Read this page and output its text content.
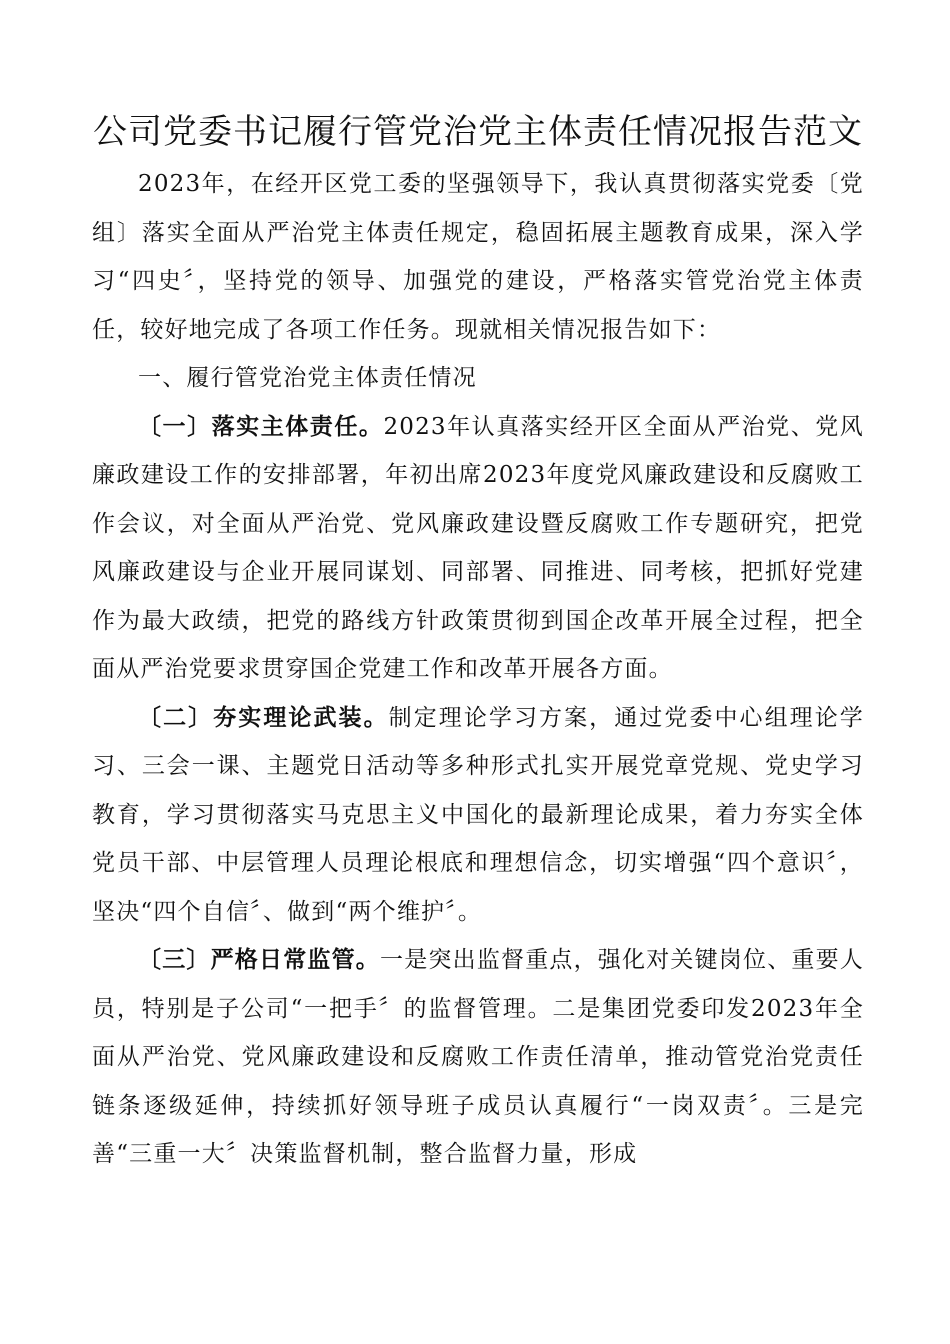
公司党委书记履行管党治党主体责任情况报告范文

2023年，在经开区党工委的坚强领导下，我认真贯彻落实党委〔党组〕落实全面从严治党主体责任规定，稳固拓展主题教育成果，深入学习“四史〞，坚持党的领导、加强党的建设，严格落实管党治党主体责任，较好地完成了各项工作任务。现就相关情况报告如下：

一、履行管党治党主体责任情况

〔一〕落实主体责任。2023年认真落实经开区全面从严治党、党风廉政建设工作的安排部署，年初出席2023年度党风廉政建设和反腐败工作会议，对全面从严治党、党风廉政建设暨反腐败工作专题研究，把党风廉政建设与企业开展同谋划、同部署、同推进、同考核，把抓好党建作为最大政绩，把党的路线方针政策贯彻到国企改革开展全过程，把全面从严治党要求贯穿国企党建工作和改革开展各方面。

〔二〕夯实理论武装。制定理论学习方案，通过党委中心组理论学习、三会一课、主题党日活动等多种形式扎实开展党章党规、党史学习教育，学习贯彻落实马克思主义中国化的最新理论成果，着力夯实全体党员干部、中层管理人员理论根底和理想信念，切实增强“四个意识〞，坚决“四个自信〞、做到“两个维护〞。

〔三〕严格日常监管。一是突出监督重点，强化对关键岗位、重要人员，特别是子公司“一把手〞的监督管理。二是集团党委印发2023年全面从严治党、党风廉政建设和反腐败工作责任清单，推动管党治党责任链条逐级延伸，持续抓好领导班子成员认真履行“一岗双责〞。三是完善“三重一大〞决策监督机制，整合监督力量，形成
